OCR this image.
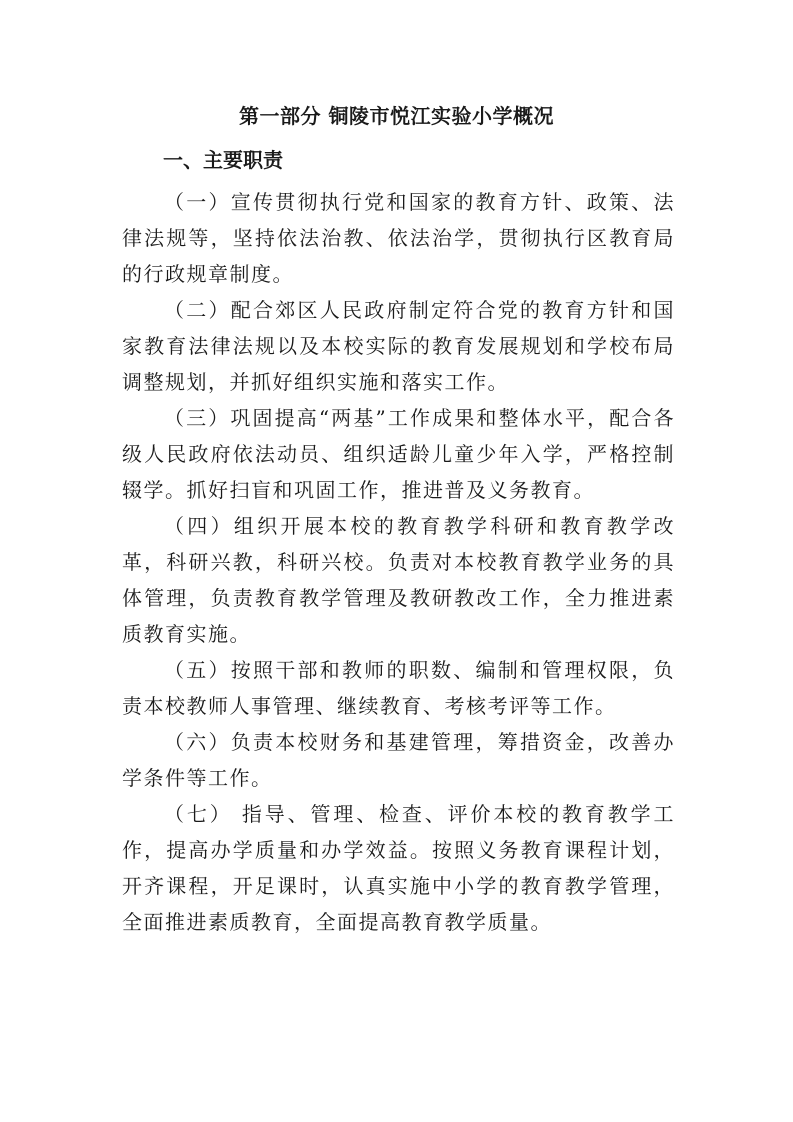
第一部分 铜陵市悦江实验小学概况
一、主要职责

（一）宣传贯彻执行党和国家的教育方针、政策、法律法规等，坚持依法治教、依法治学，贯彻执行区教育局的行政规章制度。

（二）配合郊区人民政府制定符合党的教育方针和国家教育法律法规以及本校实际的教育发展规划和学校布局调整规划，并抓好组织实施和落实工作。

（三）巩固提高“两基”工作成果和整体水平，配合各级人民政府依法动员、组织适龄儿童少年入学，严格控制辍学。抓好扫盲和巩固工作，推进普及义务教育。

（四）组织开展本校的教育教学科研和教育教学改革，科研兴教，科研兴校。负责对本校教育教学业务的具体管理，负责教育教学管理及教研教改工作，全力推进素质教育实施。

（五）按照干部和教师的职数、编制和管理权限，负责本校教师人事管理、继续教育、考核考评等工作。

（六）负责本校财务和基建管理，筹措资金，改善办学条件等工作。

（七） 指导、管理、检查、评价本校的教育教学工作，提高办学质量和办学效益。按照义务教育课程计划，开齐课程，开足课时，认真实施中小学的教育教学管理，全面推进素质教育，全面提高教育教学质量。
